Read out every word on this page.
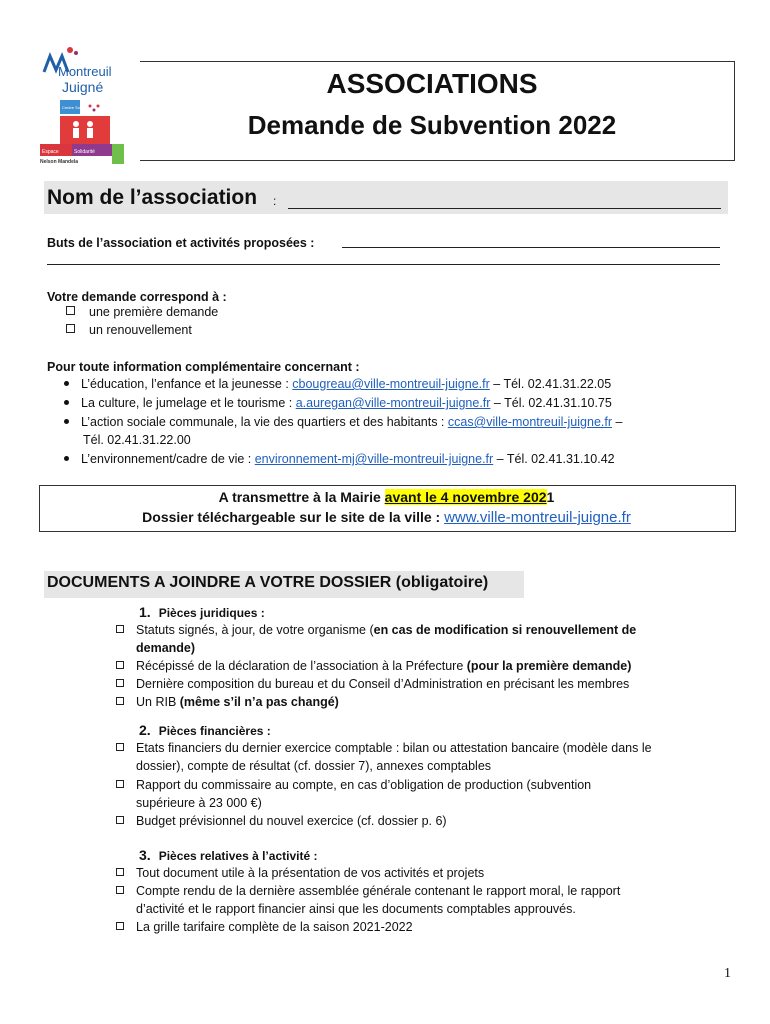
Montreuil
Juigné
Centre Social
Espace	Solidarité
Nelson Mandela
ASSOCIATIONS
Demande de Subvention 2022
Nom de l’association :
Buts de l’association et activités proposées :
Votre demande correspond à :
une première demande
un renouvellement
Pour toute information complémentaire concernant :
L’éducation, l’enfance et la jeunesse : cbougreau@ville-montreuil-juigne.fr – Tél. 02.41.31.22.05
La culture, le jumelage et le tourisme : a.auregan@ville-montreuil-juigne.fr – Tél. 02.41.31.10.75
L’action sociale communale, la vie des quartiers et des habitants : ccas@ville-montreuil-juigne.fr –
Tél. 02.41.31.22.00
L’environnement/cadre de vie : environnement-mj@ville-montreuil-juigne.fr – Tél. 02.41.31.10.42
A transmettre à la Mairie avant le 4 novembre 2021
Dossier téléchargeable sur le site de la ville : www.ville-montreuil-juigne.fr
DOCUMENTS A JOINDRE A VOTRE DOSSIER (obligatoire)
1. Pièces juridiques :
Statuts signés, à jour, de votre organisme (en cas de modification si renouvellement de
demande)
Récépissé de la déclaration de l’association à la Préfecture (pour la première demande)
Dernière composition du bureau et du Conseil d’Administration en précisant les membres
Un RIB (même s’il n’a pas changé)
2. Pièces financières :
Etats financiers du dernier exercice comptable : bilan ou attestation bancaire (modèle dans le
dossier), compte de résultat (cf. dossier 7), annexes comptables
Rapport du commissaire au compte, en cas d’obligation de production (subvention
supérieure à 23 000 €)
Budget prévisionnel du nouvel exercice (cf. dossier p. 6)
3. Pièces relatives à l’activité :
Tout document utile à la présentation de vos activités et projets
Compte rendu de la dernière assemblée générale contenant le rapport moral, le rapport
d’activité et le rapport financier ainsi que les documents comptables approuvés.
La grille tarifaire complète de la saison 2021-2022
1
